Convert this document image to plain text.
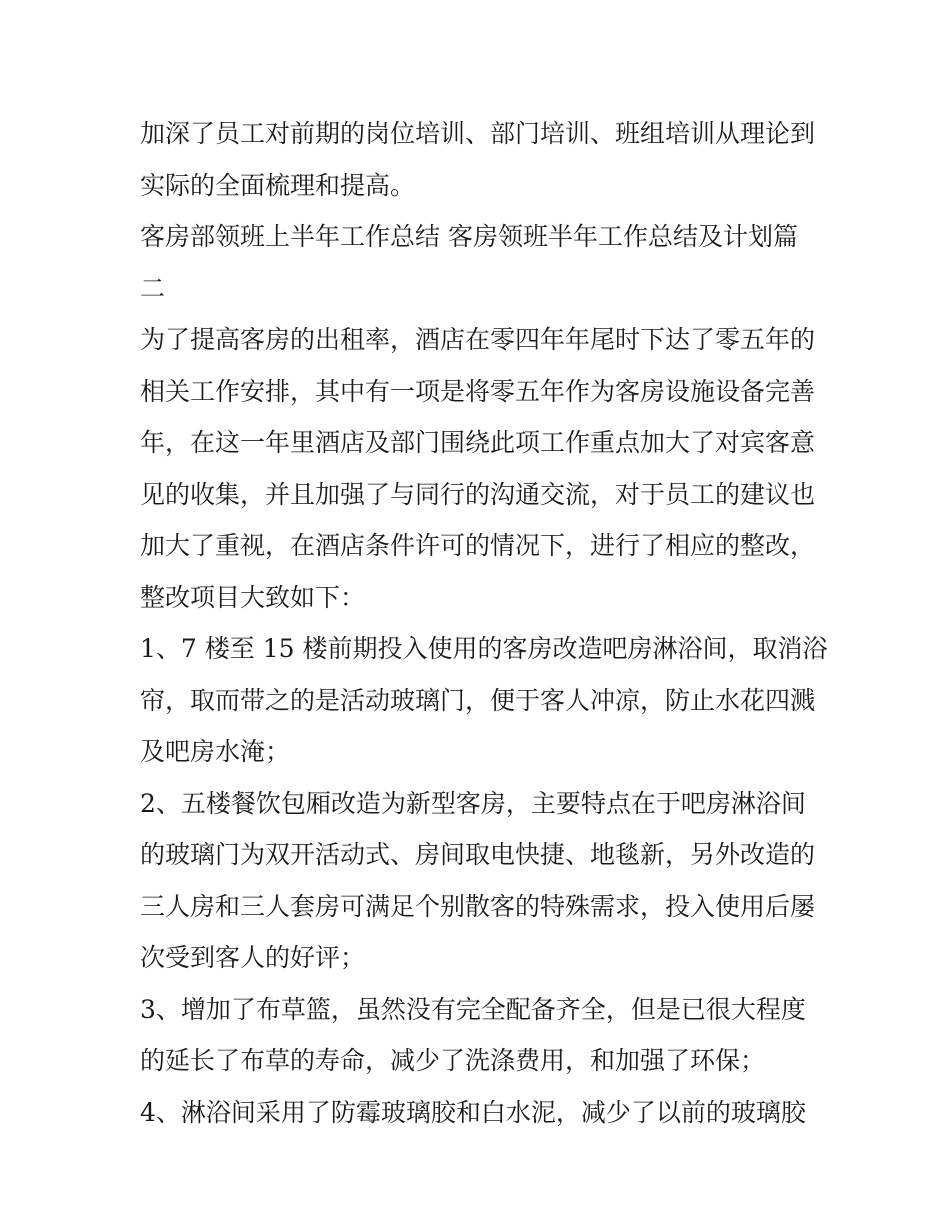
加深了员工对前期的岗位培训、部门培训、班组培训从理论到
实际的全面梳理和提高。
客房部领班上半年工作总结 客房领班半年工作总结及计划篇
二
为了提高客房的出租率，酒店在零四年年尾时下达了零五年的
相关工作安排，其中有一项是将零五年作为客房设施设备完善
年，在这一年里酒店及部门围绕此项工作重点加大了对宾客意
见的收集，并且加强了与同行的沟通交流，对于员工的建议也
加大了重视，在酒店条件许可的情况下，进行了相应的整改，
整改项目大致如下：
1、7 楼至 15 楼前期投入使用的客房改造吧房淋浴间，取消浴
帘，取而带之的是活动玻璃门，便于客人冲凉，防止水花四溅
及吧房水淹；
2、五楼餐饮包厢改造为新型客房，主要特点在于吧房淋浴间
的玻璃门为双开活动式、房间取电快捷、地毯新，另外改造的
三人房和三人套房可满足个别散客的特殊需求，投入使用后屡
次受到客人的好评；
3、增加了布草篮，虽然没有完全配备齐全，但是已很大程度
的延长了布草的寿命，减少了洗涤费用，和加强了环保；
4、淋浴间采用了防霉玻璃胶和白水泥，减少了以前的玻璃胶
